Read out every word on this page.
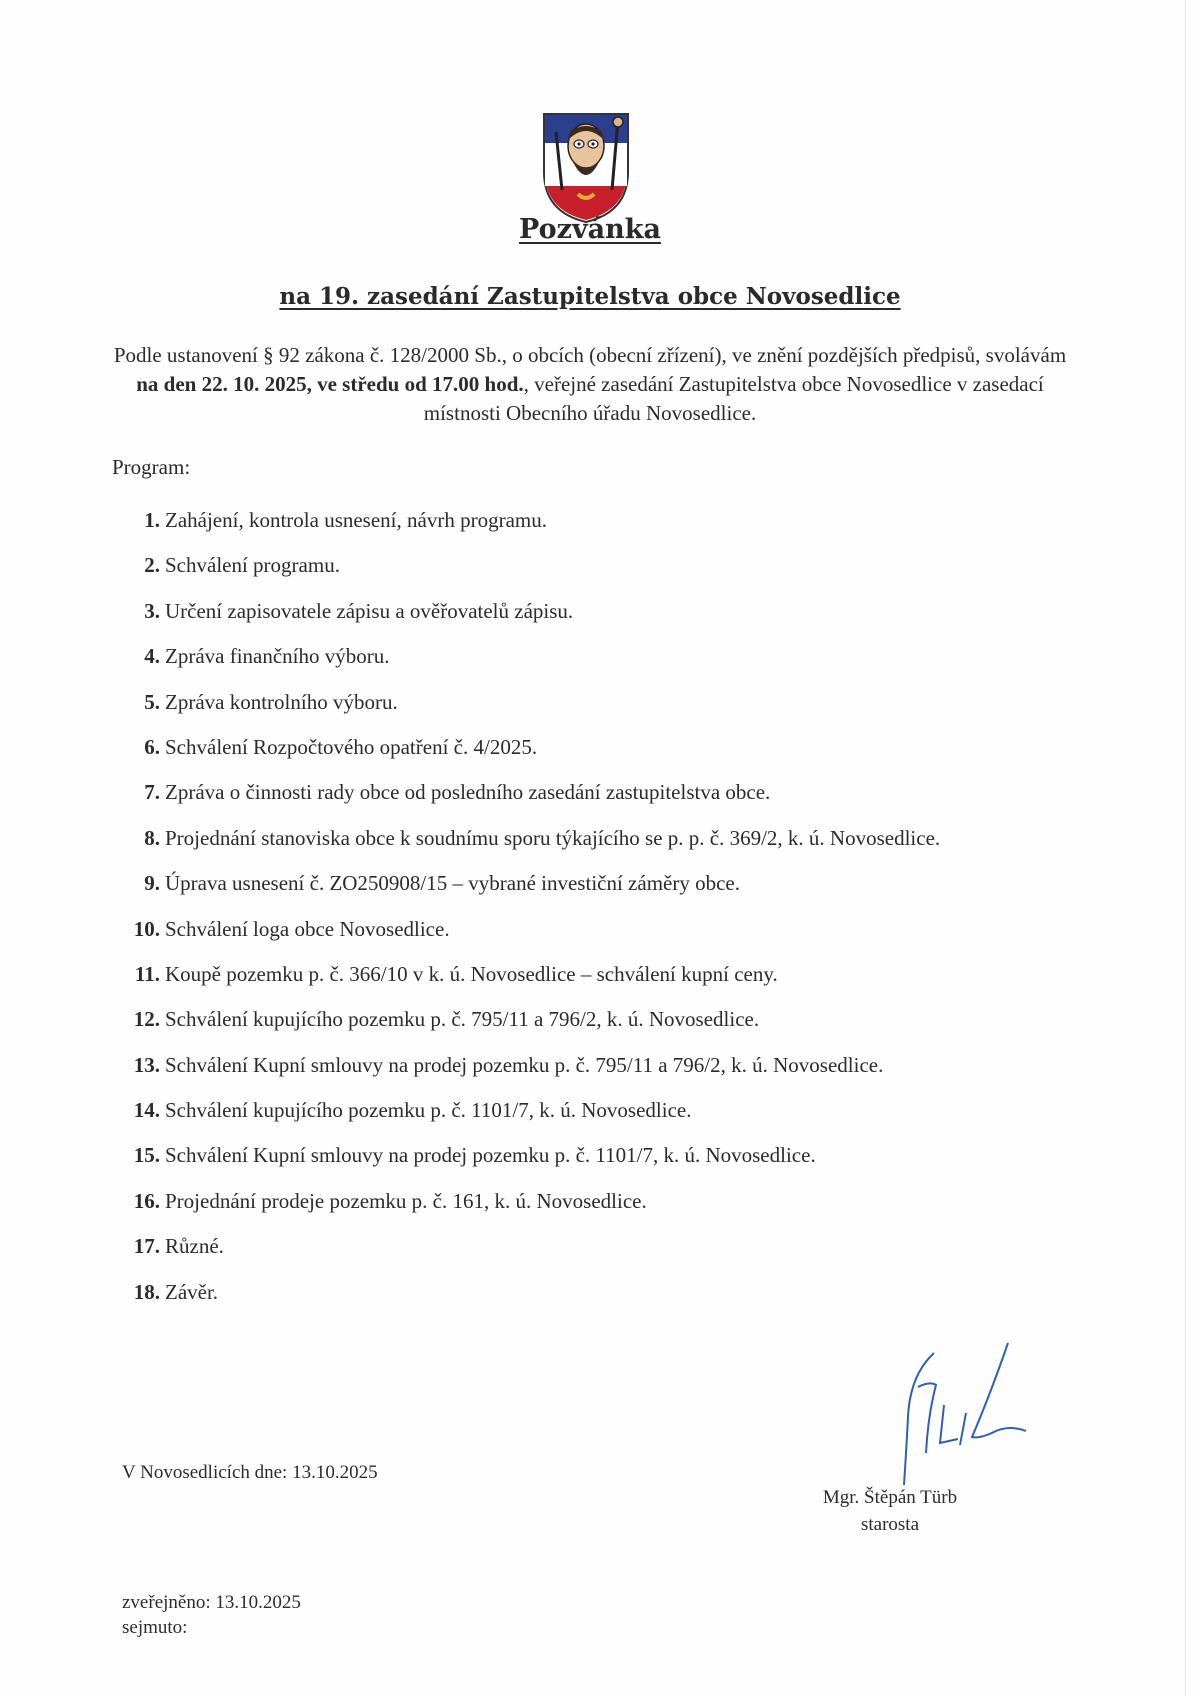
Pozvánka
na 19. zasedání Zastupitelstva obce Novosedlice
Podle ustanovení § 92 zákona č. 128/2000 Sb., o obcích (obecní zřízení), ve znění pozdějších předpisů, svolávám na den 22. 10. 2025, ve středu od 17.00 hod., veřejné zasedání Zastupitelstva obce Novosedlice v zasedací místnosti Obecního úřadu Novosedlice.
Program:
1. Zahájení, kontrola usnesení, návrh programu.
2. Schválení programu.
3. Určení zapisovatele zápisu a ověřovatelů zápisu.
4. Zpráva finančního výboru.
5. Zpráva kontrolního výboru.
6. Schválení Rozpočtového opatření č. 4/2025.
7. Zpráva o činnosti rady obce od posledního zasedání zastupitelstva obce.
8. Projednání stanoviska obce k soudnímu sporu týkajícího se p. p. č. 369/2, k. ú. Novosedlice.
9. Úprava usnesení č. ZO250908/15 – vybrané investiční záměry obce.
10. Schválení loga obce Novosedlice.
11. Koupě pozemku p. č. 366/10 v k. ú. Novosedlice – schválení kupní ceny.
12. Schválení kupujícího pozemku p. č. 795/11 a 796/2, k. ú. Novosedlice.
13. Schválení Kupní smlouvy na prodej pozemku p. č. 795/11 a 796/2, k. ú. Novosedlice.
14. Schválení kupujícího pozemku p. č. 1101/7, k. ú. Novosedlice.
15. Schválení Kupní smlouvy na prodej pozemku p. č. 1101/7, k. ú. Novosedlice.
16. Projednání prodeje pozemku p. č. 161, k. ú. Novosedlice.
17. Různé.
18. Závěr.
V Novosedlicích dne: 13.10.2025
Mgr. Štěpán Türb
starosta
zveřejněno: 13.10.2025
sejmuto:
